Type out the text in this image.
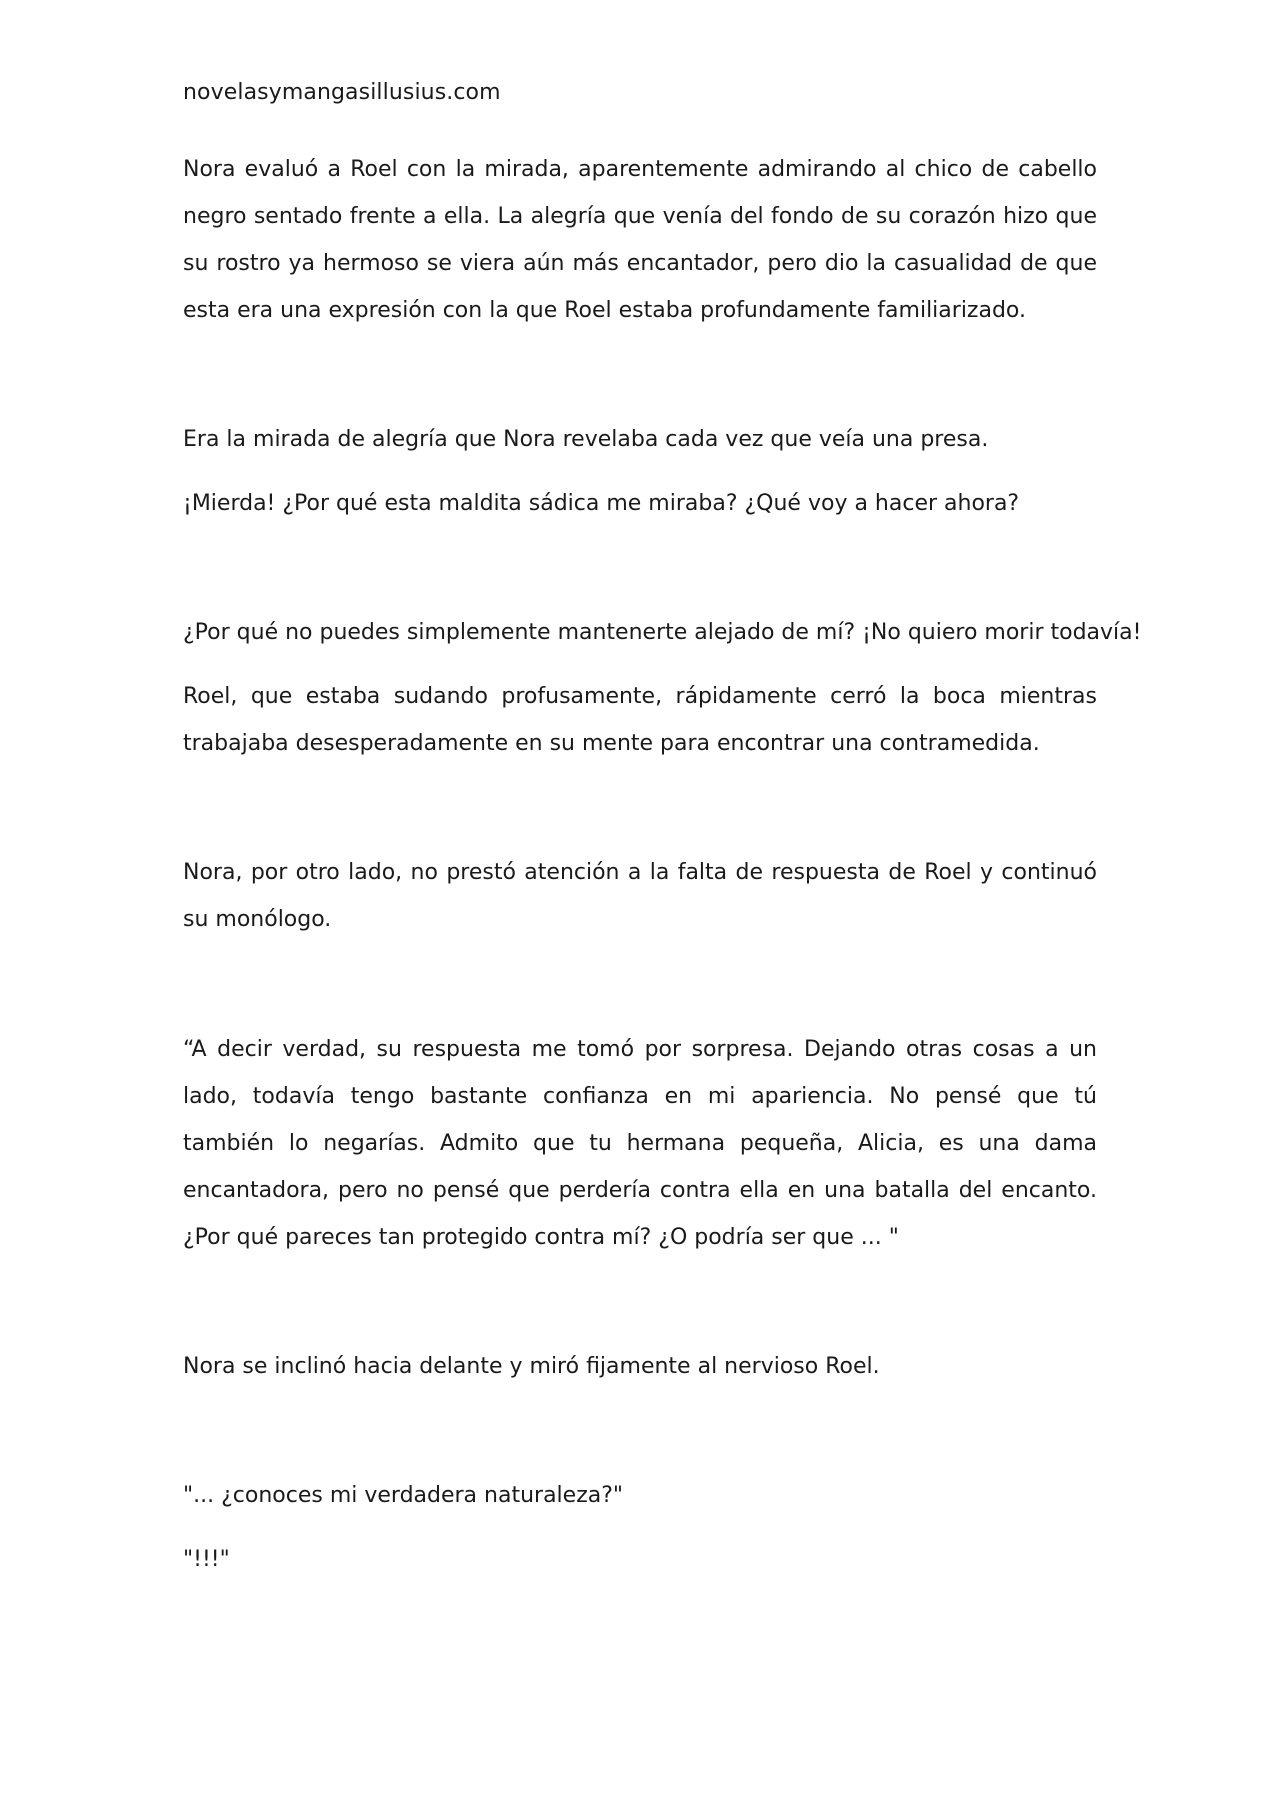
novelasymangasillusius.com

Nora evaluó a Roel con la mirada, aparentemente admirando al chico de cabello negro sentado frente a ella. La alegría que venía del fondo de su corazón hizo que su rostro ya hermoso se viera aún más encantador, pero dio la casualidad de que esta era una expresión con la que Roel estaba profundamente familiarizado.

Era la mirada de alegría que Nora revelaba cada vez que veía una presa.

¡Mierda! ¿Por qué esta maldita sádica me miraba? ¿Qué voy a hacer ahora?

¿Por qué no puedes simplemente mantenerte alejado de mí? ¡No quiero morir todavía!

Roel, que estaba sudando profusamente, rápidamente cerró la boca mientras trabajaba desesperadamente en su mente para encontrar una contramedida.

Nora, por otro lado, no prestó atención a la falta de respuesta de Roel y continuó su monólogo.

“A decir verdad, su respuesta me tomó por sorpresa. Dejando otras cosas a un lado, todavía tengo bastante confianza en mi apariencia. No pensé que tú también lo negarías. Admito que tu hermana pequeña, Alicia, es una dama encantadora, pero no pensé que perdería contra ella en una batalla del encanto. ¿Por qué pareces tan protegido contra mí? ¿O podría ser que ... "

Nora se inclinó hacia delante y miró fijamente al nervioso Roel.

"... ¿conoces mi verdadera naturaleza?"

"!!!"
